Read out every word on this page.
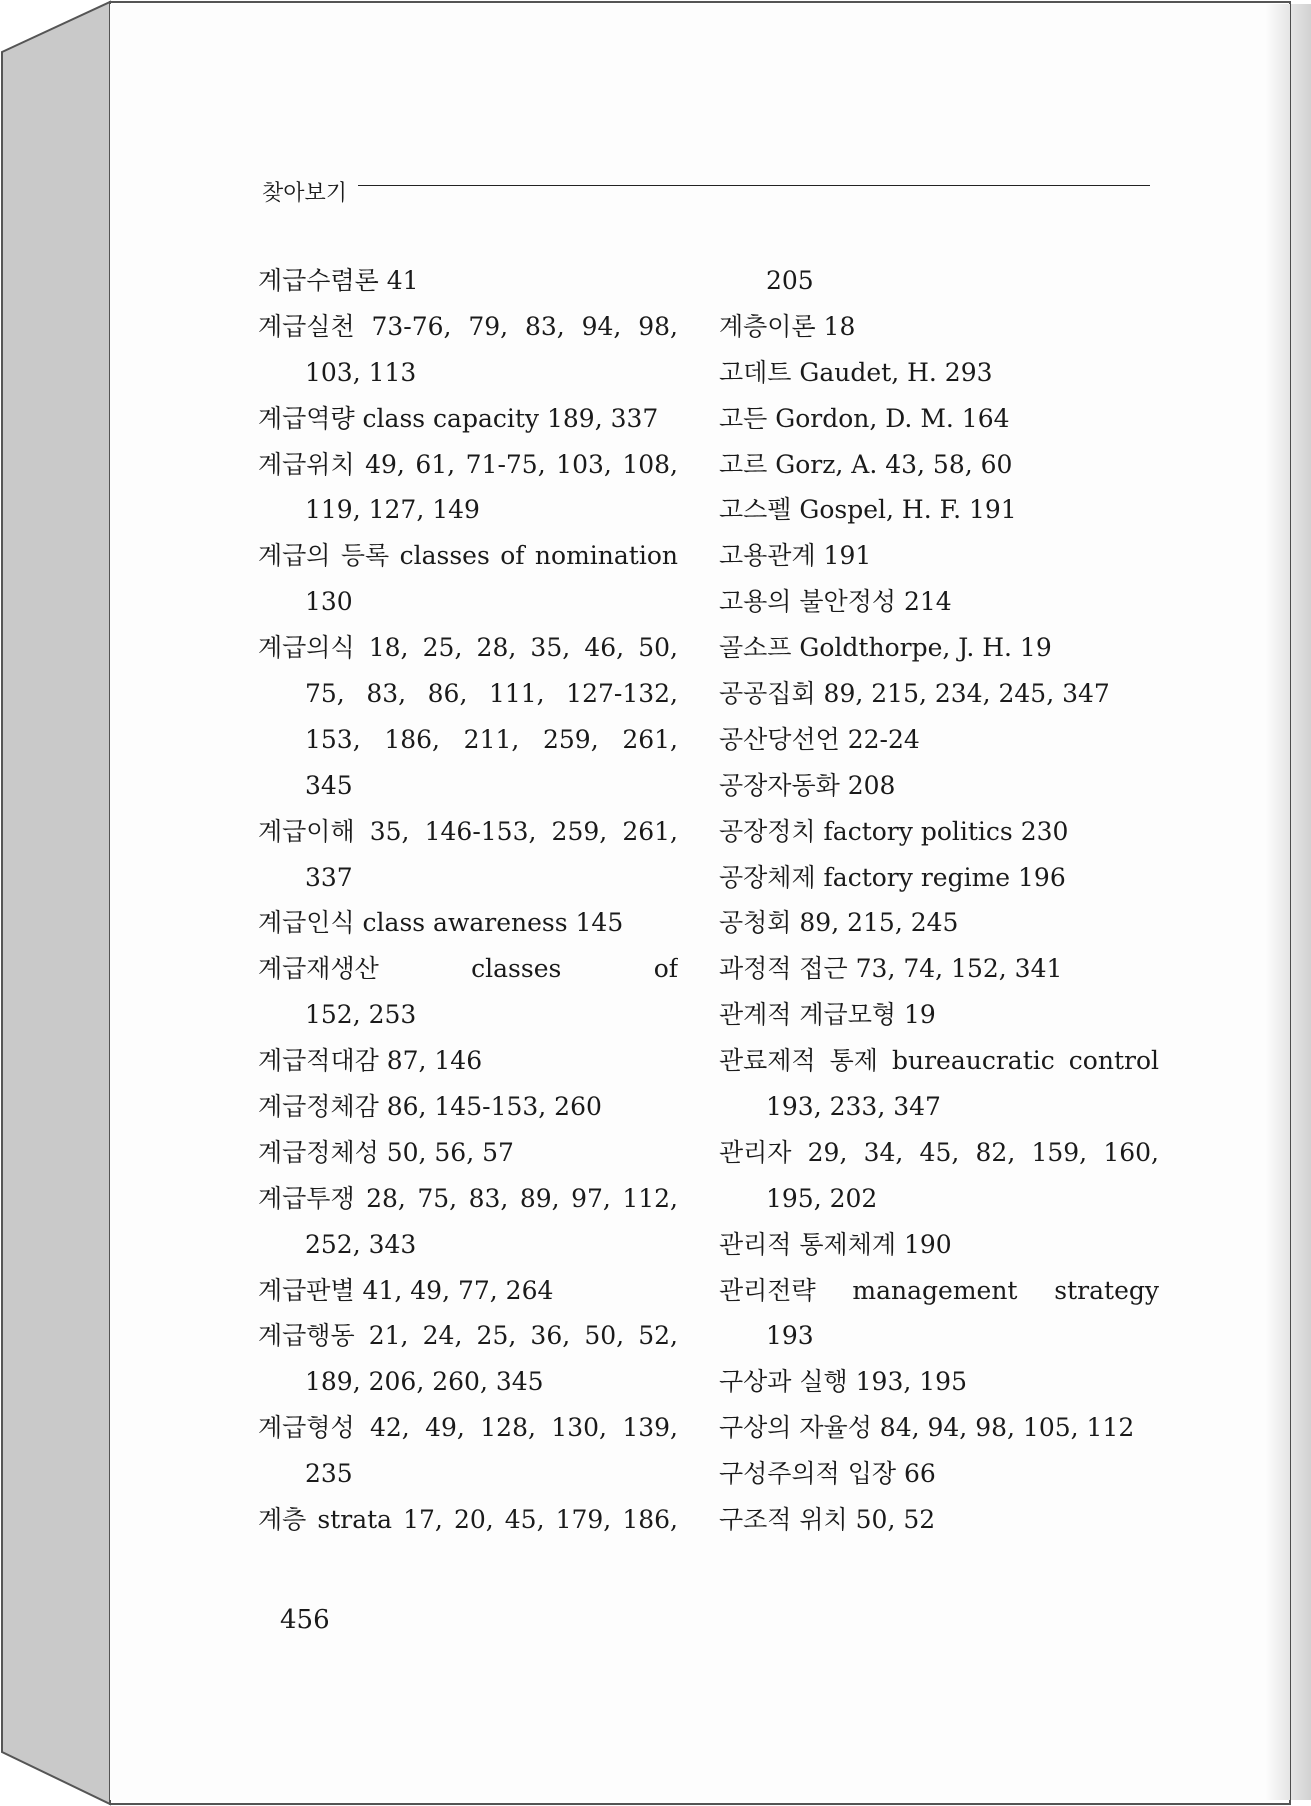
찾아보기
계급수렴론 41
계급실천 73-76, 79, 83, 94, 98,
103, 113
계급역량 class capacity 189, 337
계급위치 49, 61, 71-75, 103, 108,
119, 127, 149
계급의 등록 classes of nomination
130
계급의식 18, 25, 28, 35, 46, 50,
75, 83, 86, 111, 127-132,
153, 186, 211, 259, 261,
345
계급이해 35, 146-153, 259, 261,
337
계급인식 class awareness 145
계급재생산 classes of
152, 253
계급적대감 87, 146
계급정체감 86, 145-153, 260
계급정체성 50, 56, 57
계급투쟁 28, 75, 83, 89, 97, 112,
252, 343
계급판별 41, 49, 77, 264
계급행동 21, 24, 25, 36, 50, 52,
189, 206, 260, 345
계급형성 42, 49, 128, 130, 139,
235
계층 strata 17, 20, 45, 179, 186,
205
계층이론 18
고데트 Gaudet, H. 293
고든 Gordon, D. M. 164
고르 Gorz, A. 43, 58, 60
고스펠 Gospel, H. F. 191
고용관계 191
고용의 불안정성 214
골소프 Goldthorpe, J. H. 19
공공집회 89, 215, 234, 245, 347
공산당선언 22-24
공장자동화 208
공장정치 factory politics 230
공장체제 factory regime 196
공청회 89, 215, 245
과정적 접근 73, 74, 152, 341
관계적 계급모형 19
관료제적 통제 bureaucratic control
193, 233, 347
관리자 29, 34, 45, 82, 159, 160,
195, 202
관리적 통제체계 190
관리전략 management strategy
193
구상과 실행 193, 195
구상의 자율성 84, 94, 98, 105, 112
구성주의적 입장 66
구조적 위치 50, 52
456
